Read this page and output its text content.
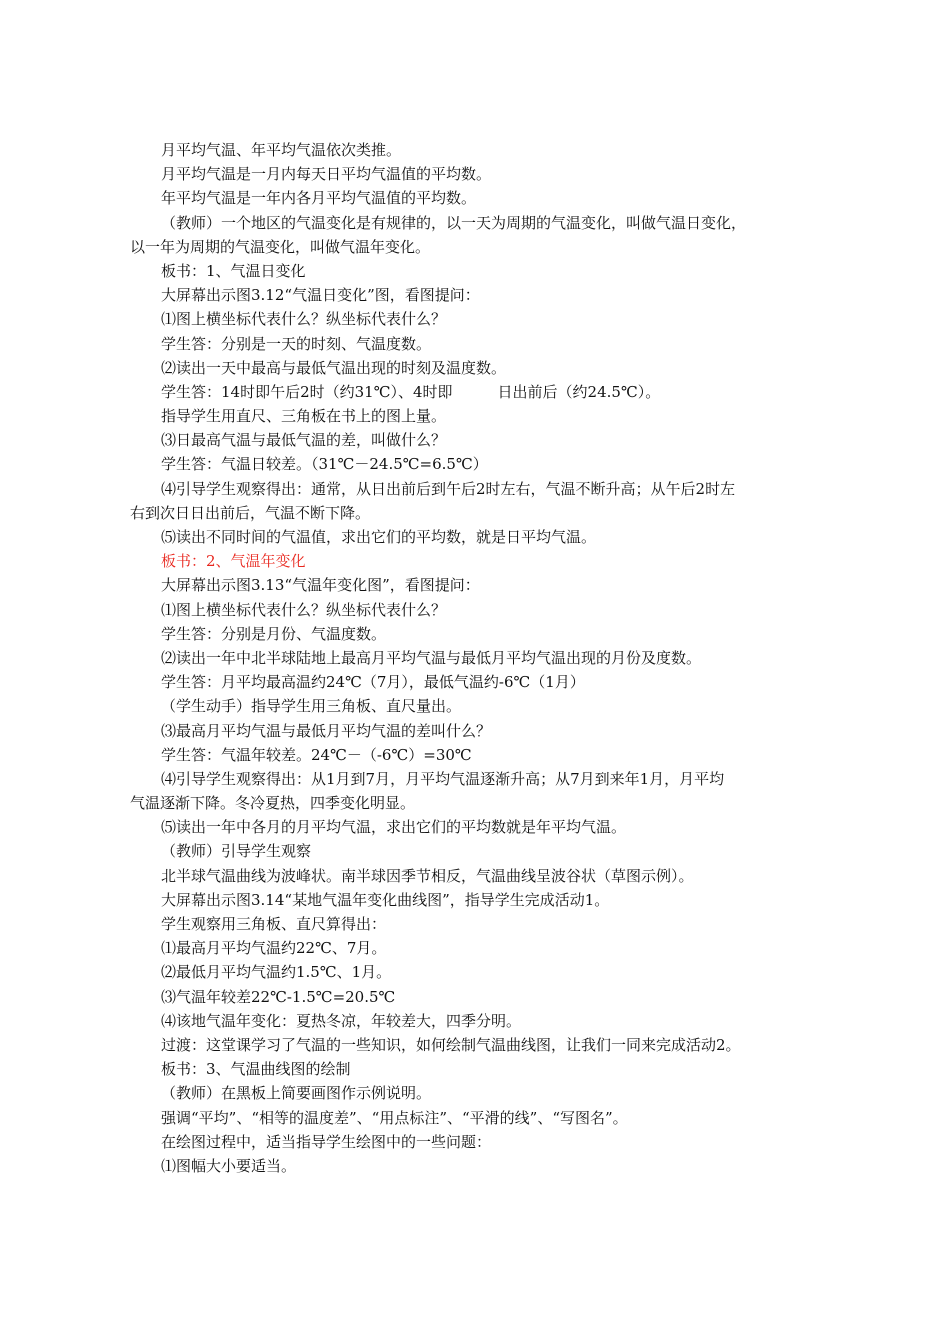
月平均气温、年平均气温依次类推。
月平均气温是一月内每天日平均气温值的平均数。
年平均气温是一年内各月平均气温值的平均数。
（教师）一个地区的气温变化是有规律的，以一天为周期的气温变化，叫做气温日变化，
以一年为周期的气温变化，叫做气温年变化。
板书：1、气温日变化
大屏幕出示图3.12“气温日变化”图，看图提问：
⑴图上横坐标代表什么？纵坐标代表什么？
学生答：分别是一天的时刻、气温度数。
⑵读出一天中最高与最低气温出现的时刻及温度数。
学生答：14时即午后2时（约31℃）、4时即　　　日出前后（约24.5℃）。
指导学生用直尺、三角板在书上的图上量。
⑶日最高气温与最低气温的差，叫做什么？
学生答：气温日较差。（31℃－24.5℃=6.5℃）
⑷引导学生观察得出：通常，从日出前后到午后2时左右，气温不断升高；从午后2时左
右到次日日出前后，气温不断下降。
⑸读出不同时间的气温值，求出它们的平均数，就是日平均气温。
板书：2、气温年变化
大屏幕出示图3.13“气温年变化图”，看图提问：
⑴图上横坐标代表什么？纵坐标代表什么？
学生答：分别是月份、气温度数。
⑵读出一年中北半球陆地上最高月平均气温与最低月平均气温出现的月份及度数。
学生答：月平均最高温约24℃（7月），最低气温约-6℃（1月）
（学生动手）指导学生用三角板、直尺量出。
⑶最高月平均气温与最低月平均气温的差叫什么？
学生答：气温年较差。24℃－（-6℃）=30℃
⑷引导学生观察得出：从1月到7月，月平均气温逐渐升高；从7月到来年1月，月平均
气温逐渐下降。冬冷夏热，四季变化明显。
⑸读出一年中各月的月平均气温，求出它们的平均数就是年平均气温。
（教师）引导学生观察
北半球气温曲线为波峰状。南半球因季节相反，气温曲线呈波谷状（草图示例）。
大屏幕出示图3.14“某地气温年变化曲线图”，指导学生完成活动1。
学生观察用三角板、直尺算得出：
⑴最高月平均气温约22℃、7月。
⑵最低月平均气温约1.5℃、1月。
⑶气温年较差22℃-1.5℃=20.5℃
⑷该地气温年变化：夏热冬凉，年较差大，四季分明。
过渡：这堂课学习了气温的一些知识，如何绘制气温曲线图，让我们一同来完成活动2。
板书：3、气温曲线图的绘制
（教师）在黑板上简要画图作示例说明。
强调“平均”、“相等的温度差”、“用点标注”、“平滑的线”、“写图名”。
在绘图过程中，适当指导学生绘图中的一些问题：
⑴图幅大小要适当。
